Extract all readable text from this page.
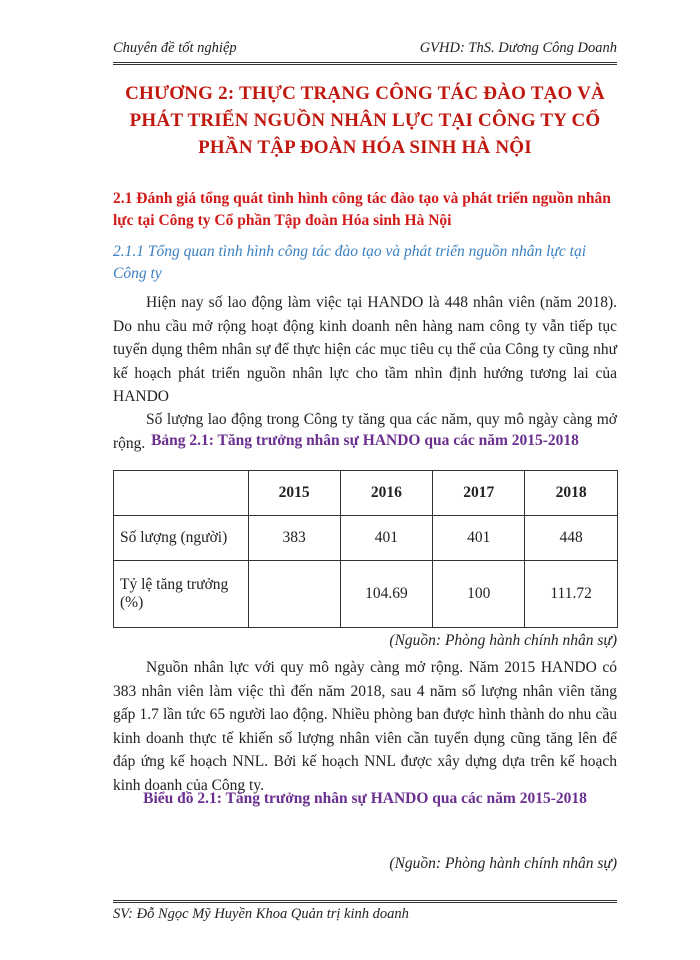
Chuyên đề tốt nghiệp	GVHD: ThS. Dương Công Doanh
CHƯƠNG 2: THỰC TRẠNG CÔNG TÁC ĐÀO TẠO VÀ
PHÁT TRIỂN NGUỒN NHÂN LỰC TẠI CÔNG TY CỔ
PHẦN TẬP ĐOÀN HÓA SINH HÀ NỘI
2.1 Đánh giá tổng quát tình hình công tác đào tạo và phát triển nguồn nhân lực tại Công ty Cổ phần Tập đoàn Hóa sinh Hà Nội
2.1.1 Tổng quan tình hình công tác đào tạo và phát triển nguồn nhân lực tại Công ty
Hiện nay số lao động làm việc tại HANDO là 448 nhân viên (năm 2018). Do nhu cầu mở rộng hoạt động kinh doanh nên hàng nam công ty vẫn tiếp tục tuyển dụng thêm nhân sự để thực hiện các mục tiêu cụ thể của Công ty cũng như kế hoạch phát triển nguồn nhân lực cho tầm nhìn định hướng tương lai của HANDO
Số lượng lao động trong Công ty tăng qua các năm, quy mô ngày càng mở rộng. Bảng 2.1: Tăng trưởng nhân sự HANDO qua các năm 2015-2018
	2015	2016	2017	2018
Số lượng (người)	383	401	401	448
Tỷ lệ tăng trưởng (%)		104.69	100	111.72
(Nguồn: Phòng hành chính nhân sự)
Nguồn nhân lực với quy mô ngày càng mở rộng. Năm 2015 HANDO có 383 nhân viên làm việc thì đến năm 2018, sau 4 năm số lượng nhân viên tăng gấp 1.7 lần tức 65 người lao động. Nhiều phòng ban được hình thành do nhu cầu kinh doanh thực tế khiến số lượng nhân viên cần tuyển dụng cũng tăng lên để đáp ứng kế hoạch NNL. Bởi kế hoạch NNL được xây dựng dựa trên kế hoạch kinh doanh của Công ty.
Biểu đồ 2.1: Tăng trưởng nhân sự HANDO qua các năm 2015-2018
(Nguồn: Phòng hành chính nhân sự)
SV: Đỗ Ngọc Mỹ Huyền Khoa Quản trị kinh doanh
